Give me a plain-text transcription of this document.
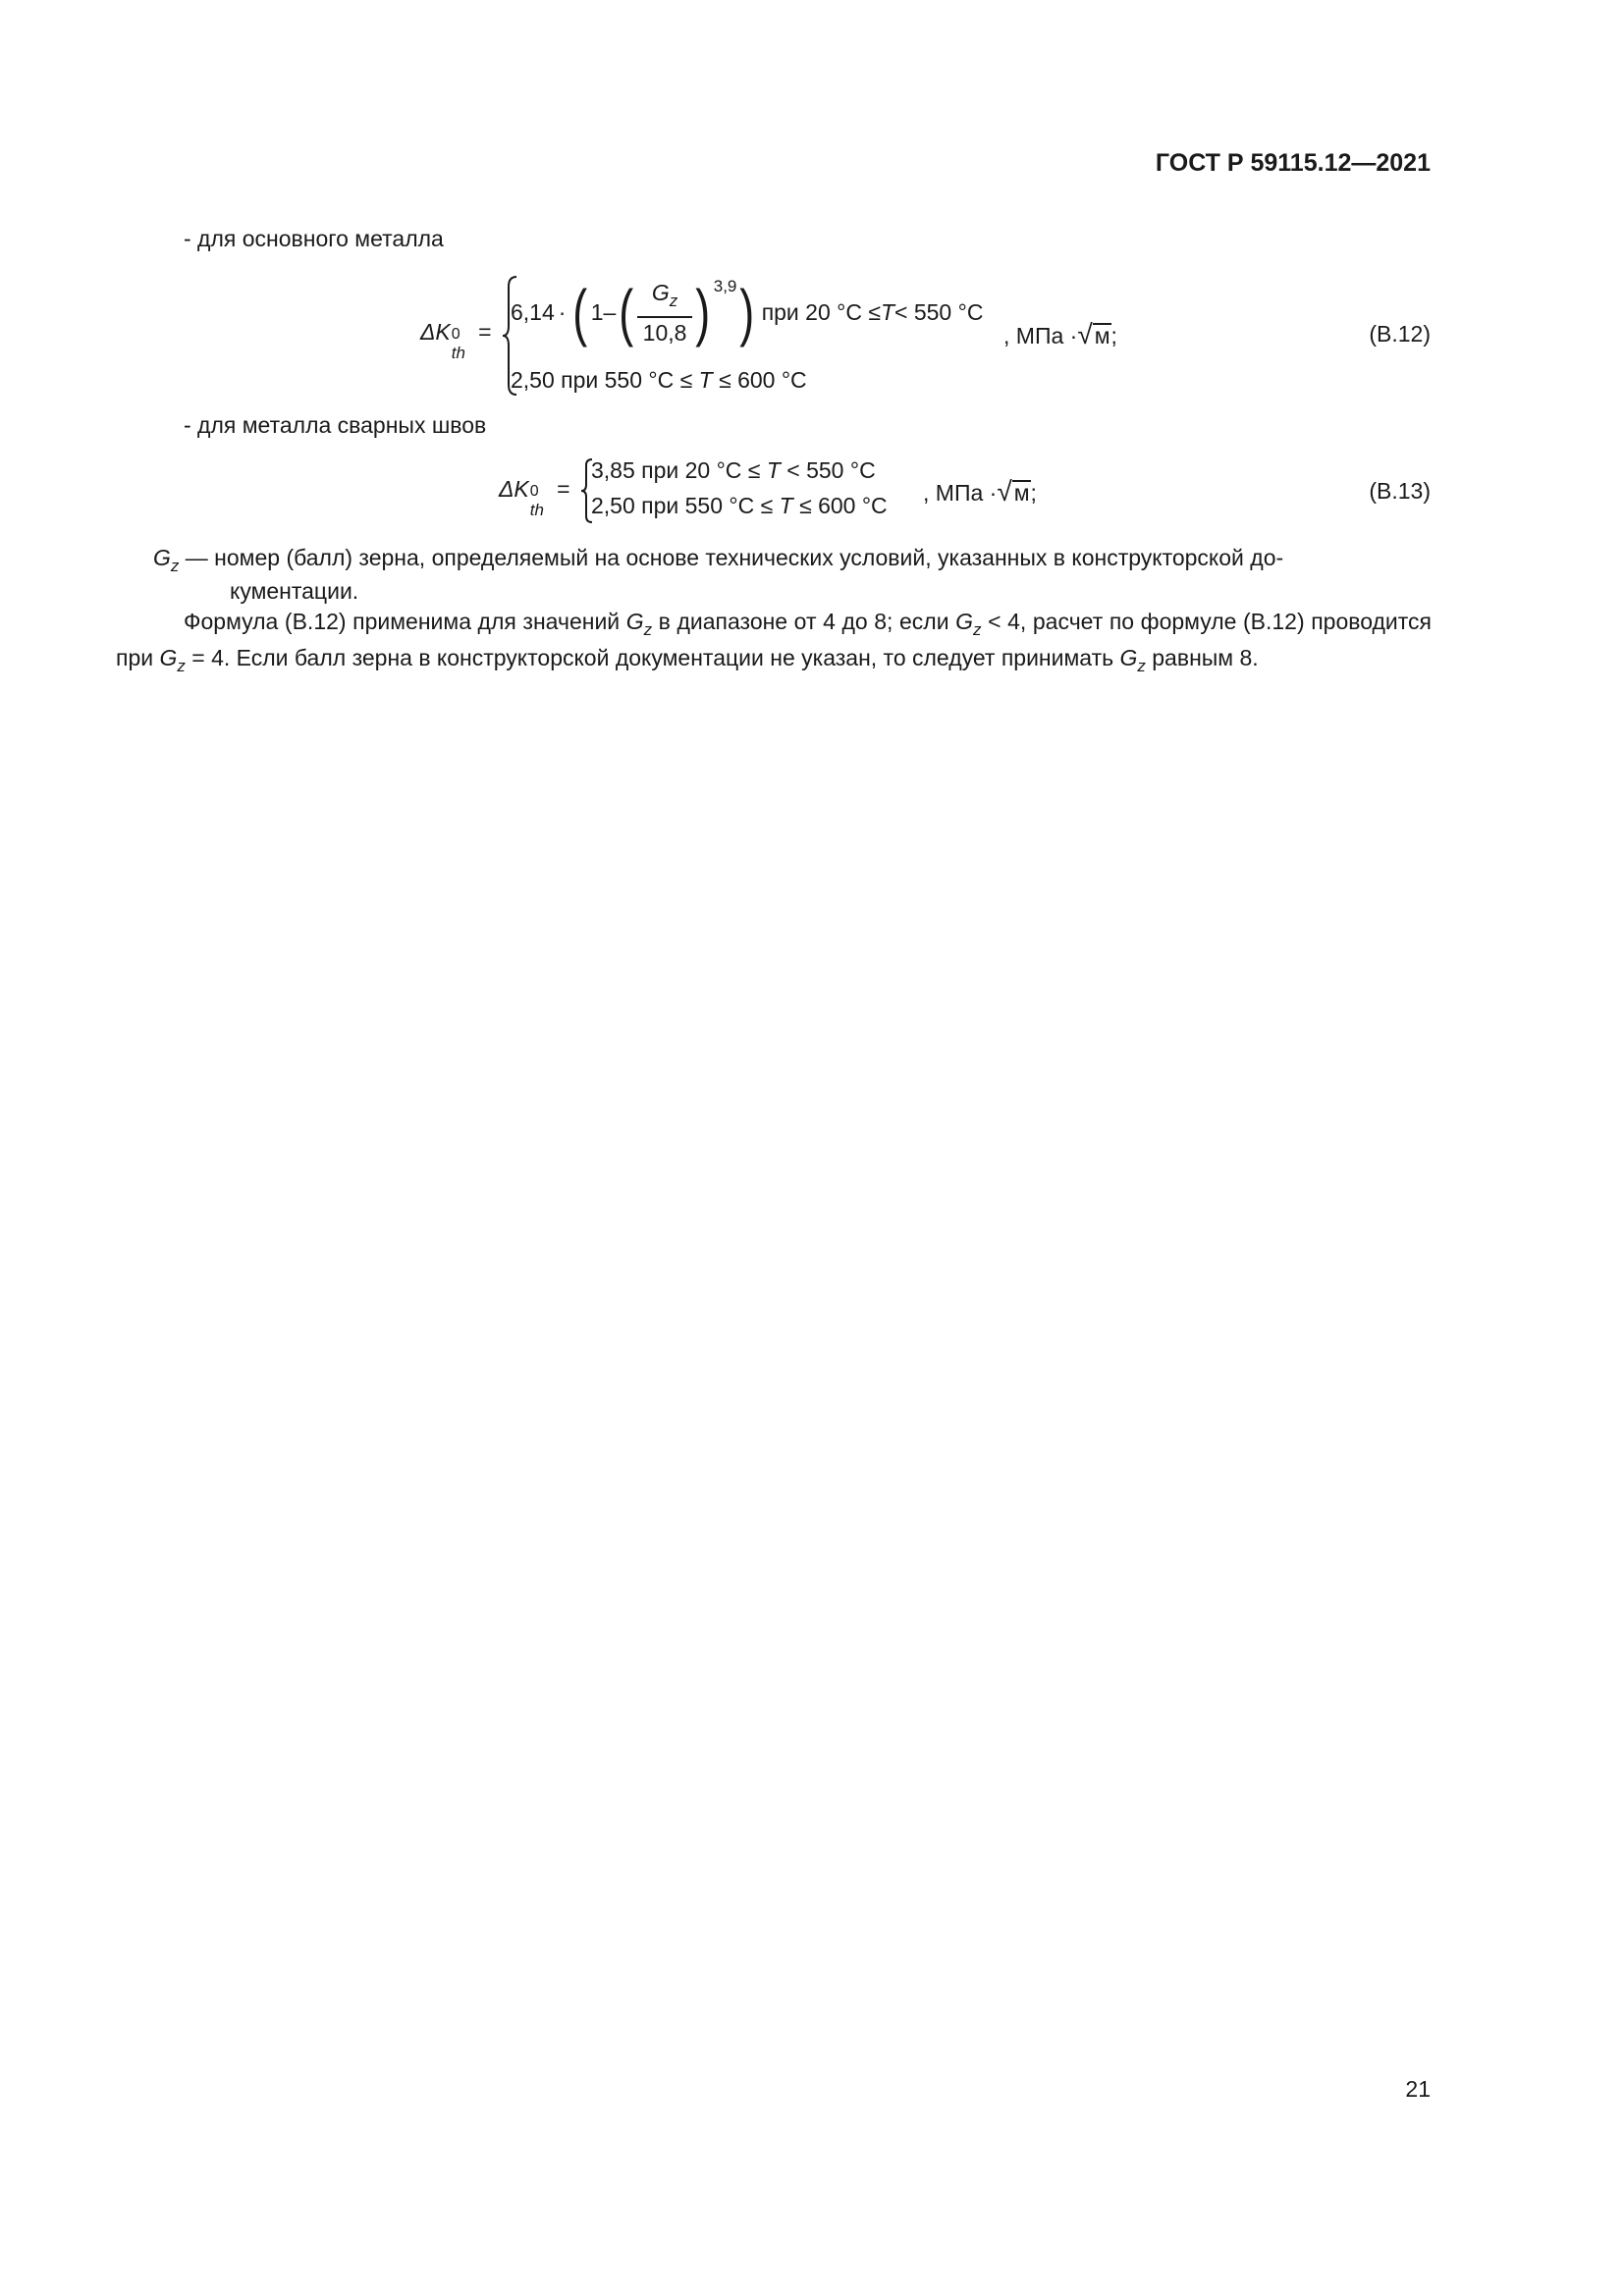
ГОСТ Р 59115.12—2021
- для основного металла
ΔK 0
th
=
6,14 · ( 1– ( $\frac{G_z}{10,8}$ ) 3,9 ) при 20 °C ≤ T < 550 °C
2,50 при 550 °C ≤ T ≤ 600 °C
, МПа ·√м;	(В.12)
- для металла сварных швов
ΔK 0
th
=
3,85 при 20 °C ≤ T < 550 °C
2,50 при 550 °C ≤ T ≤ 600 °C , МПа ·√м;	(В.13)
$G_z$ — номер (балл) зерна, определяемый на основе технических условий, указанных в конструкторской до-
кументации.
Формула (В.12) применима для значений $G_z$ в диапазоне от 4 до 8; если $G_z < 4$, расчет по формуле (В.12) проводится при $G_z = 4$. Если балл зерна в конструкторской документации не указан, то следует принимать $G_z$ равным 8.
21
